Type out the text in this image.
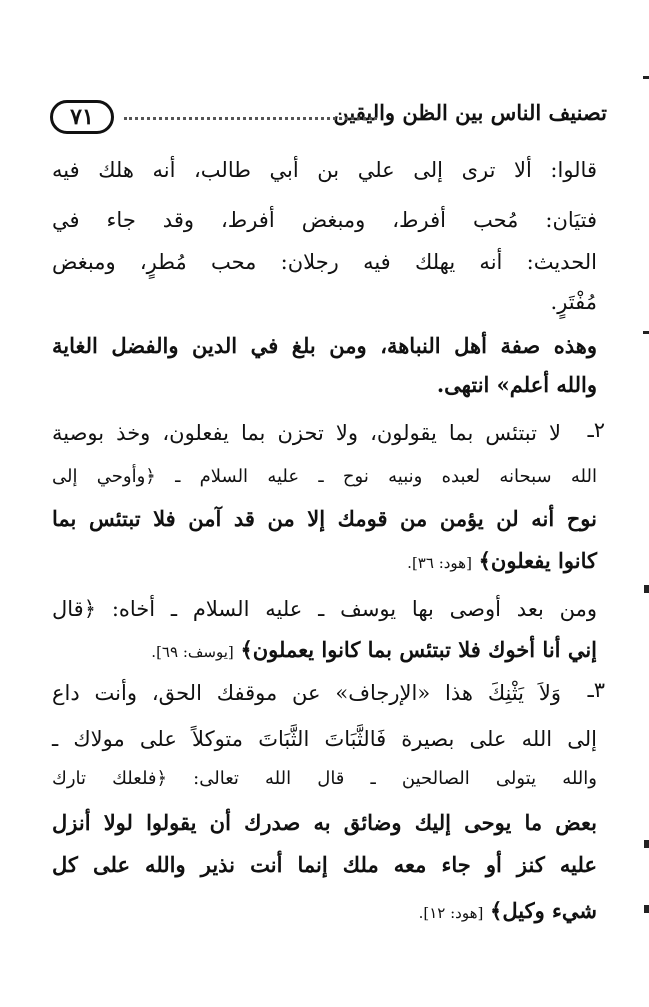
تصنيف الناس بين الظن واليقين
٧١
قالوا: ألا ترى إلى علي بن أبي طالب، أنه هلك فيه
فتيَان: مُحب أفرط، ومبغض أفرط، وقد جاء في
الحديث: أنه يهلك فيه رجلان: محب مُطرٍ، ومبغض
مُفْتَرٍ.
وهذه صفة أهل النباهة، ومن بلغ في الدين والفضل الغاية
والله أعلم» انتهى.
٢ـ
لا تبتئس بما يقولون، ولا تحزن بما يفعلون، وخذ بوصية
الله سبحانه لعبده ونبيه نوح ـ عليه السلام ـ ﴿وأوحي إلى
نوح أنه لن يؤمن من قومك إلا من قد آمن فلا تبتئس بما
كانوا يفعلون﴾ [هود: ٣٦].
ومن بعد أوصى بها يوسف ـ عليه السلام ـ أخاه: ﴿قال
إني أنا أخوك فلا تبتئس بما كانوا يعملون﴾ [يوسف: ٦٩].
٣ـ
وَلاَ يَثْنِكَ هذا «الإرجاف» عن موقفك الحق، وأنت داع
إلى الله على بصيرة فَالثَّبَاتَ الثَّبَاتَ متوكلاً على مولاك ـ
والله يتولى الصالحين ـ قال الله تعالى: ﴿فلعلك تارك
بعض ما يوحى إليك وضائق به صدرك أن يقولوا لولا أنزل
عليه كنز أو جاء معه ملك إنما أنت نذير والله على كل
شيء وكيل﴾ [هود: ١٢].
